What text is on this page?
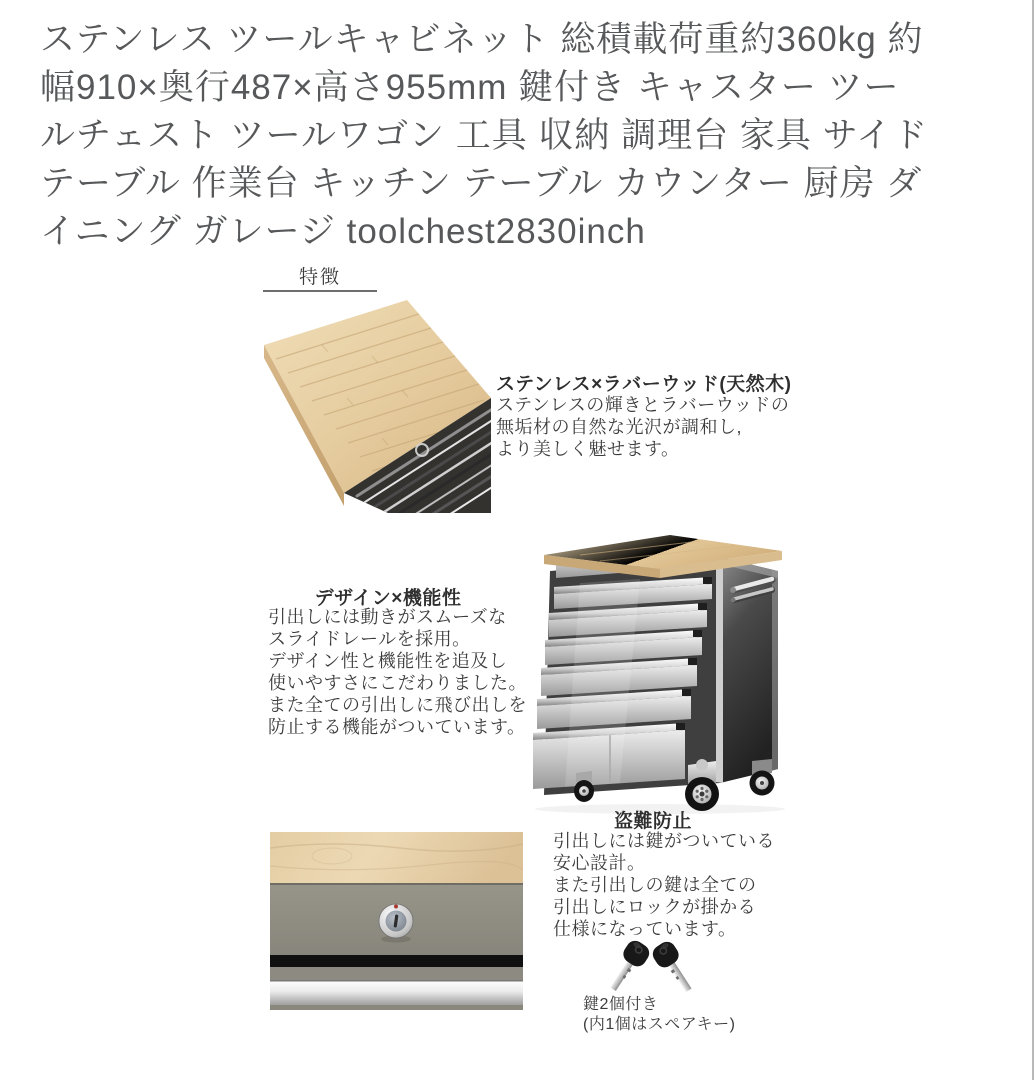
ステンレス ツールキャビネット 総積載荷重約360kg 約
幅910×奥行487×高さ955mm 鍵付き キャスター ツー
ルチェスト ツールワゴン 工具 収納 調理台 家具 サイド
テーブル 作業台 キッチン テーブル カウンター 厨房 ダ
イニング ガレージ toolchest2830inch
特徴
ステンレス×ラバーウッド(天然木)
ステンレスの輝きとラバーウッドの
無垢材の自然な光沢が調和し,
より美しく魅せます。
デザイン×機能性
引出しには動きがスムーズな
スライドレールを採用。
デザイン性と機能性を追及し
使いやすさにこだわりました。
また全ての引出しに飛び出しを
防止する機能がついています。
盗難防止
引出しには鍵がついている
安心設計。
また引出しの鍵は全ての
引出しにロックが掛かる
仕様になっています。
鍵2個付き
(内1個はスペアキー)
